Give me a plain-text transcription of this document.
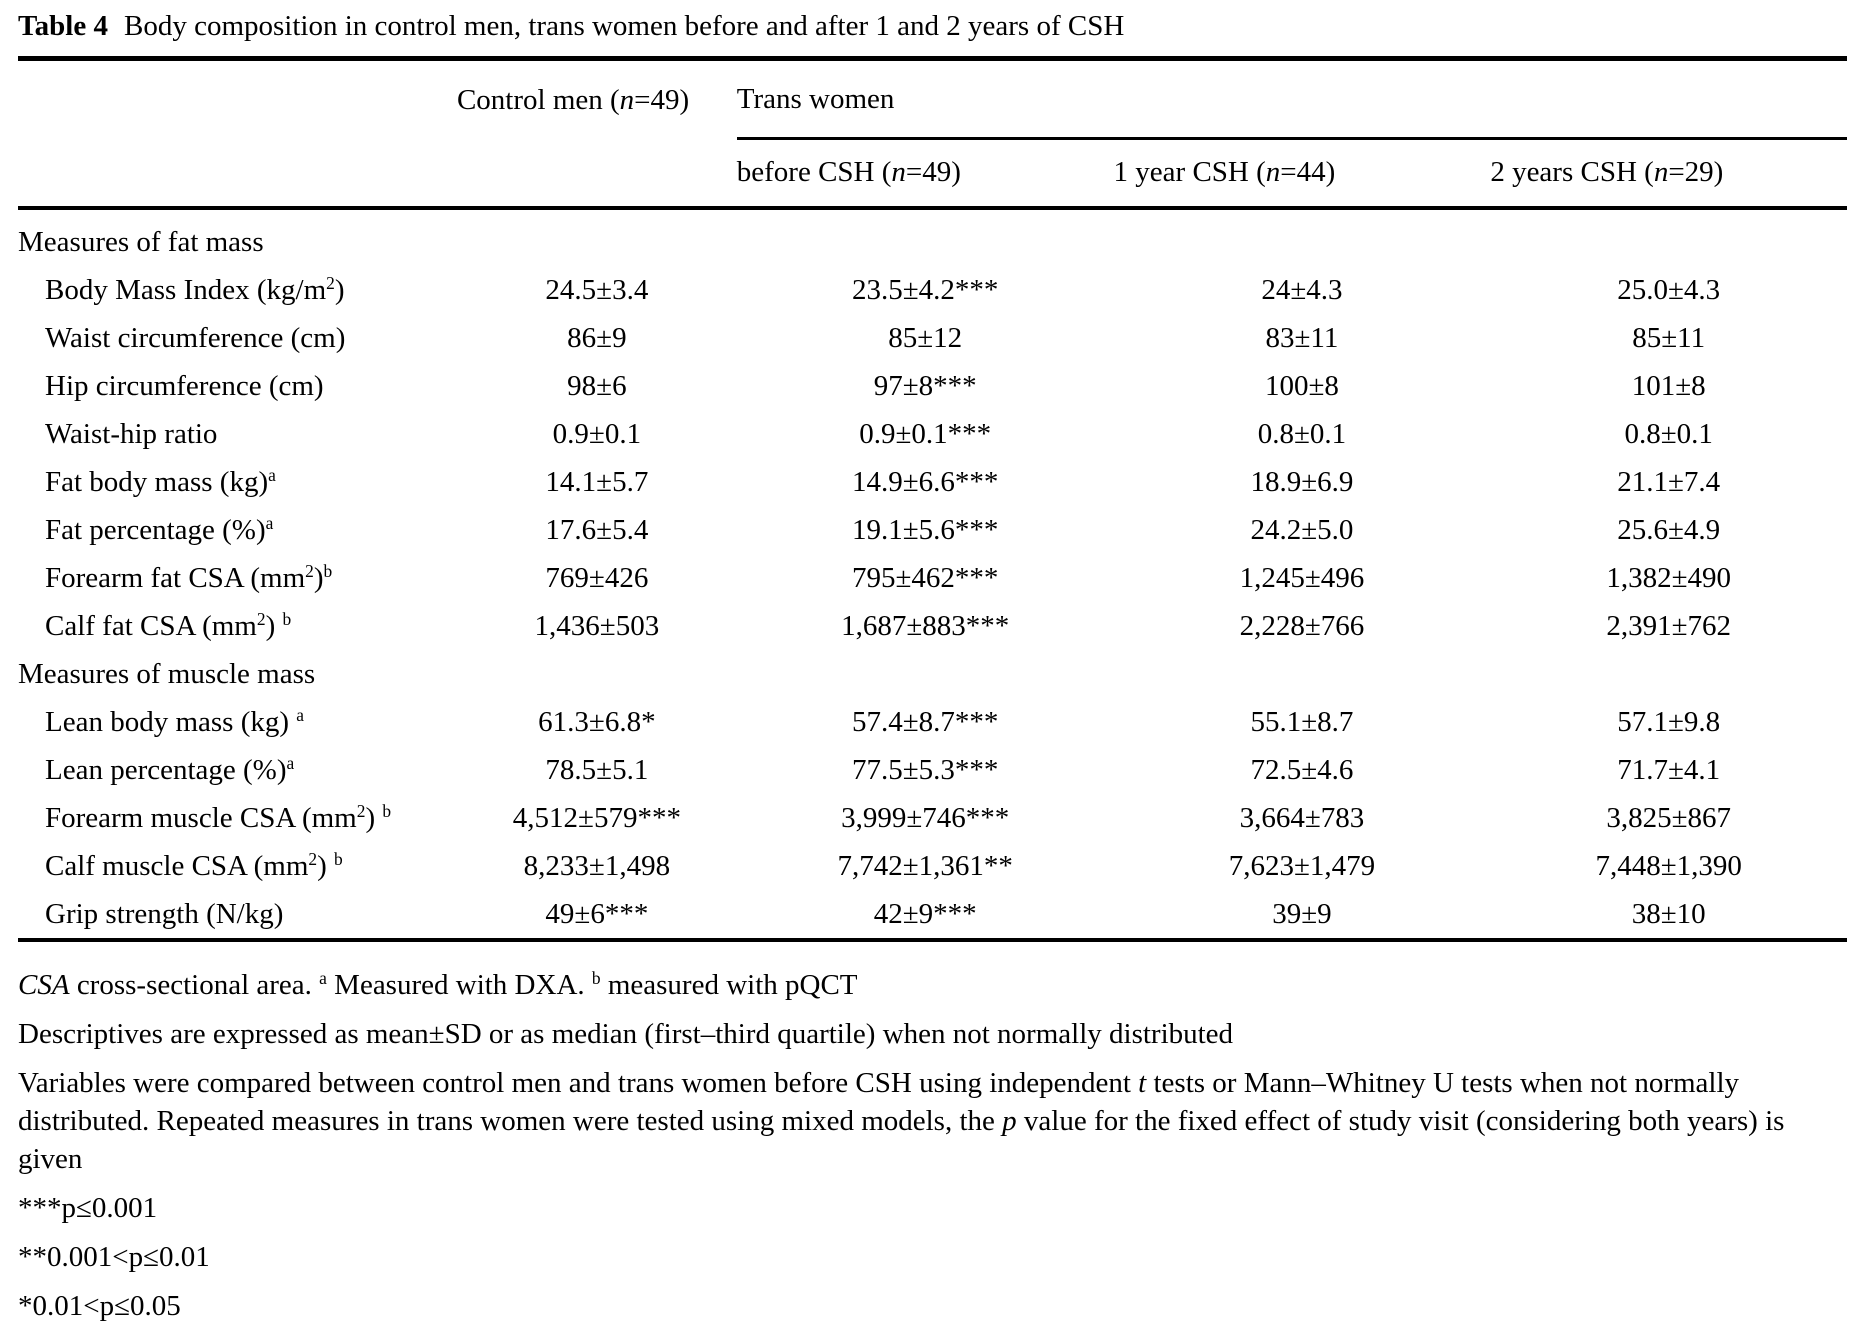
Table 4 Body composition in control men, trans women before and after 1 and 2 years of CSH

	Control men (n=49)	Trans women		
		before CSH (n=49)	1 year CSH (n=44)	2 years CSH (n=29)
Measures of fat mass				
Body Mass Index $(kg/m^2)$	24.5±3.4	23.5±4.2***	24±4.3	25.0±4.3
Waist circumference (cm)	86±9	85±12	83±11	85±11
Hip circumference (cm)	98±6	97±8***	100±8	101±8
Waist-hip ratio	0.9±0.1	0.9±0.1***	0.8±0.1	0.8±0.1
Fat body mass (kg)$^a$	14.1±5.7	14.9±6.6***	18.9±6.9	21.1±7.4
Fat percentage (%)$^a$	17.6±5.4	19.1±5.6***	24.2±5.0	25.6±4.9
Forearm fat CSA $(mm^2)^b$	769±426	795±462***	1,245±496	1,382±490
Calf fat CSA $(mm^2)$ $^b$	1,436±503	1,687±883***	2,228±766	2,391±762
Measures of muscle mass				
Lean body mass (kg) $^a$	61.3±6.8*	57.4±8.7***	55.1±8.7	57.1±9.8
Lean percentage (%)$^a$	78.5±5.1	77.5±5.3***	72.5±4.6	71.7±4.1
Forearm muscle CSA $(mm^2)$ $^b$	4,512±579***	3,999±746***	3,664±783	3,825±867
Calf muscle CSA $(mm^2)$ $^b$	8,233±1,498	7,742±1,361**	7,623±1,479	7,448±1,390
Grip strength (N/kg)	49±6***	42±9***	39±9	38±10

CSA cross-sectional area. $^a$ Measured with DXA. $^b$ measured with pQCT

Descriptives are expressed as mean±SD or as median (first–third quartile) when not normally distributed

Variables were compared between control men and trans women before CSH using independent t tests or Mann–Whitney U tests when not normally distributed. Repeated measures in trans women were tested using mixed models, the p value for the fixed effect of study visit (considering both years) is given

***p≤0.001

**0.001<p≤0.01

*0.01<p≤0.05
